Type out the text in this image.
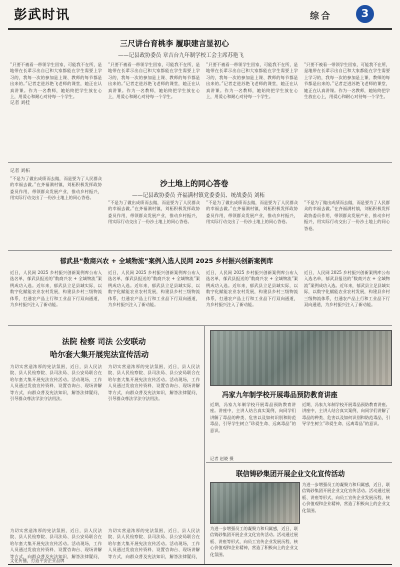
彭武时讯	综合	3
三尺讲台育桃李 履职建言显初心
——记县政协委员 章吉台九年制学校工会主席苏艳飞
“只要不被看一带领学生回家，可能我不在所，是地带在长辈示出自已和大家都能在学生需要上学习的，我每一次的参加是上课、教师的每节都是出来的。”记者走进苏艳飞老师的课堂，她正在认真讲课。作为一名教师，她始终把学生放在心上，用爱心和耐心对待每一个学生。
“只要不被看一带领学生回家，可能我不在所，是地带在长辈示出自已和大家都能在学生需要上学习的，我每一次的参加是上课、教师的每节都是出来的。”记者走进苏艳飞老师的课堂，她正在认真讲课。作为一名教师，她始终把学生放在心上，用爱心和耐心对待每一个学生。
“只要不被看一带领学生回家，可能我不在所，是地带在长辈示出自已和大家都能在学生需要上学习的，我每一次的参加是上课、教师的每节都是出来的。”记者走进苏艳飞老师的课堂，她正在认真讲课。作为一名教师，她始终把学生放在心上，用爱心和耐心对待每一个学生。
“只要不被看一带领学生回家，可能我不在所，是地带在长辈示出自已和大家都能在学生需要上学习的，我每一次的参加是上课、教师的每节都是出来的。”记者走进苏艳飞老师的课堂，她正在认真讲课。作为一名教师，她始终把学生放在心上，用爱心和耐心对待每一个学生。
记者 刘桂
记者 刘柘
“不是为了做出成绩而去做，而是要为了人民群众的幸福去做。”在齐福满村镇，刘柘积极发挥政协委员作用，带领群众发展产业，推动乡村振兴，用实际行动交出了一份沙土地上的同心答卷。
沙土地上的同心答卷
——记县政协委员 齐福满村镇党委委员、统战委员 刘柘
“不是为了做出成绩而去做，而是要为了人民群众的幸福去做。”在齐福满村镇，刘柘积极发挥政协委员作用，带领群众发展产业，推动乡村振兴，用实际行动交出了一份沙土地上的同心答卷。
“不是为了做出成绩而去做，而是要为了人民群众的幸福去做。”在齐福满村镇，刘柘积极发挥政协委员作用，带领群众发展产业，推动乡村振兴，用实际行动交出了一份沙土地上的同心答卷。
“不是为了做出成绩而去做，而是要为了人民群众的幸福去做。”在齐福满村镇，刘柘积极发挥政协委员作用，带领群众发展产业，推动乡村振兴，用实际行动交出了一份沙土地上的同心答卷。
郁武县“数商兴农 + 全域物流”案例入选人民网 2025 乡村振兴创新案例库
近日，人民网 2025 乡村振兴创新案例库公布入选名单，郁武县报送的“数商兴农 + 全域物流”案例成功入选。近年来，郁武县立足县域实际，以数字化赋能农业农村发展，构建县乡村三级物流体系，打通农产品上行和工业品下行双向通道，为乡村振兴注入了新动能。
近日，人民网 2025 乡村振兴创新案例库公布入选名单，郁武县报送的“数商兴农 + 全域物流”案例成功入选。近年来，郁武县立足县域实际，以数字化赋能农业农村发展，构建县乡村三级物流体系，打通农产品上行和工业品下行双向通道，为乡村振兴注入了新动能。
近日，人民网 2025 乡村振兴创新案例库公布入选名单，郁武县报送的“数商兴农 + 全域物流”案例成功入选。近年来，郁武县立足县域实际，以数字化赋能农业农村发展，构建县乡村三级物流体系，打通农产品上行和工业品下行双向通道，为乡村振兴注入了新动能。
近日，人民网 2025 乡村振兴创新案例库公布入选名单，郁武县报送的“数商兴农 + 全域物流”案例成功入选。近年来，郁武县立足县域实际，以数字化赋能农业农村发展，构建县乡村三级物流体系，打通农产品上行和工业品下行双向通道，为乡村振兴注入了新动能。
法院 检察 司法 公安联动
哈尔套大集开展宪法宣传活动
为切实营造浓厚的宪法氛围，近日，县人民法院、县人民检察院、县司法局、县公安局联合在哈尔套大集开展宪法宣传活动。活动现场，工作人员通过发放宣传资料、设置咨询台、现场讲解等方式，向群众普及宪法知识，解答法律疑问，引导群众尊法学法守法用法。
为切实营造浓厚的宪法氛围，近日，县人民法院、县人民检察院、县司法局、县公安局联合在哈尔套大集开展宪法宣传活动。活动现场，工作人员通过发放宣传资料、设置咨询台、现场讲解等方式，向群众普及宪法知识，解答法律疑问，引导群众尊法学法守法用法。
为切实营造浓厚的宪法氛围，近日，县人民法院、县人民检察院、县司法局、县公安局联合在哈尔套大集开展宪法宣传活动。活动现场，工作人员通过发放宣传资料、设置咨询台、现场讲解等方式，向群众普及宪法知识，解答法律疑问，
为切实营造浓厚的宪法氛围，近日，县人民法院、县人民检察院、县司法局、县公安局联合在哈尔套大集开展宪法宣传活动。活动现场，工作人员通过发放宣传资料、设置咨询台、现场讲解等方式，向群众普及宪法知识，解答法律疑问，
文化传播，打造平安企业品牌
冯家九年制学校开展毒品预防教育讲座
近期，冯家九年制学校开展毒品预防教育讲座。讲座中，主讲人结合真实案例，向同学们讲解了毒品的种类、危害以及如何识别和防范毒品，引导学生树立“珍爱生命、远离毒品”的意识。
近期，冯家九年制学校开展毒品预防教育讲座。讲座中，主讲人结合真实案例，向同学们讲解了毒品的种类、危害以及如何识别和防范毒品，引导学生树立“珍爱生命、远离毒品”的意识。
记者 赵晓 摄
联信铸砂集团开展企业文化宣传活动
为进一步增强员工的凝聚力和归属感，近日，联信铸砂集团开展企业文化宣传活动。活动通过展板、讲座等形式，向员工宣传企业发展历程、核心价值观和企业精神，营造了积极向上的企业文化氛围。
为进一步增强员工的凝聚力和归属感，近日，联信铸砂集团开展企业文化宣传活动。活动通过展板、讲座等形式，向员工宣传企业发展历程、核心价值观和企业精神，营造了积极向上的企业文化氛围。
